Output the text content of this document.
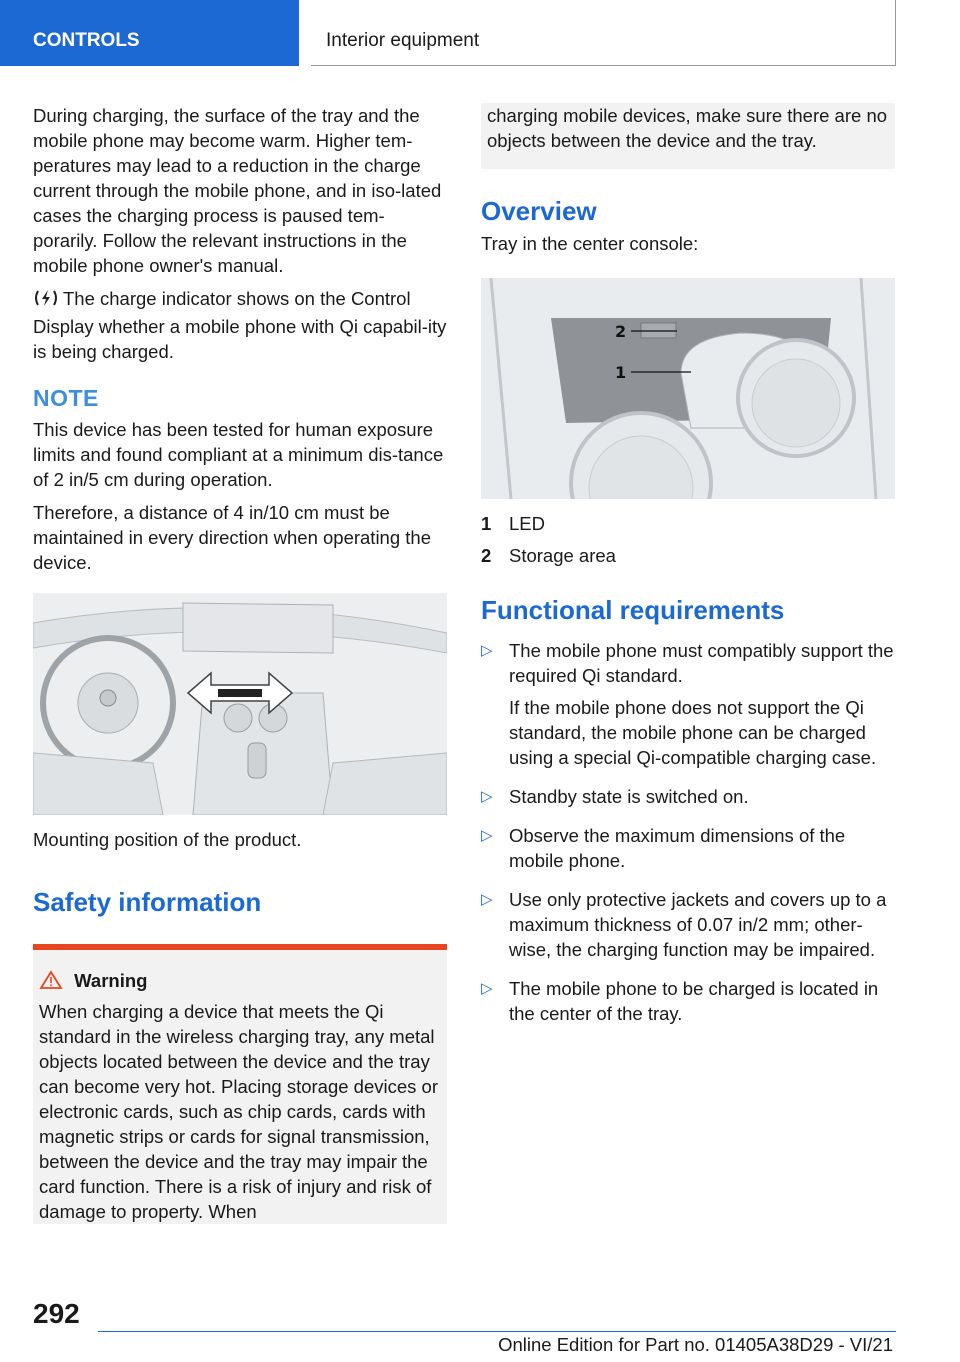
CONTROLS	Interior equipment

During charging, the surface of the tray and the mobile phone may become warm. Higher tem-peratures may lead to a reduction in the charge current through the mobile phone, and in iso-lated cases the charging process is paused tem-porarily. Follow the relevant instructions in the mobile phone owner's manual.

The charge indicator shows on the Control Display whether a mobile phone with Qi capabil-ity is being charged.

NOTE

This device has been tested for human exposure limits and found compliant at a minimum dis-tance of 2 in/5 cm during operation.

Therefore, a distance of 4 in/10 cm must be maintained in every direction when operating the device.

Mounting position of the product.

Safety information
Warning
When charging a device that meets the Qi standard in the wireless charging tray, any metal objects located between the device and the tray can become very hot. Placing storage devices or electronic cards, such as chip cards, cards with magnetic strips or cards for signal transmission, between the device and the tray may impair the card function. There is a risk of injury and risk of damage to property. When
charging mobile devices, make sure there are no objects between the device and the tray.
Overview

Tray in the center console:

2
1
1 LED
2 Storage area
Functional requirements
▷ The mobile phone must compatibly support the required Qi standard.

If the mobile phone does not support the Qi standard, the mobile phone can be charged using a special Qi-compatible charging case.

▷ Standby state is switched on.

▷ Observe the maximum dimensions of the mobile phone.

▷ Use only protective jackets and covers up to a maximum thickness of 0.07 in/2 mm; other-wise, the charging function may be impaired.

▷ The mobile phone to be charged is located in the center of the tray.

292
Online Edition for Part no. 01405A38D29 - VI/21
